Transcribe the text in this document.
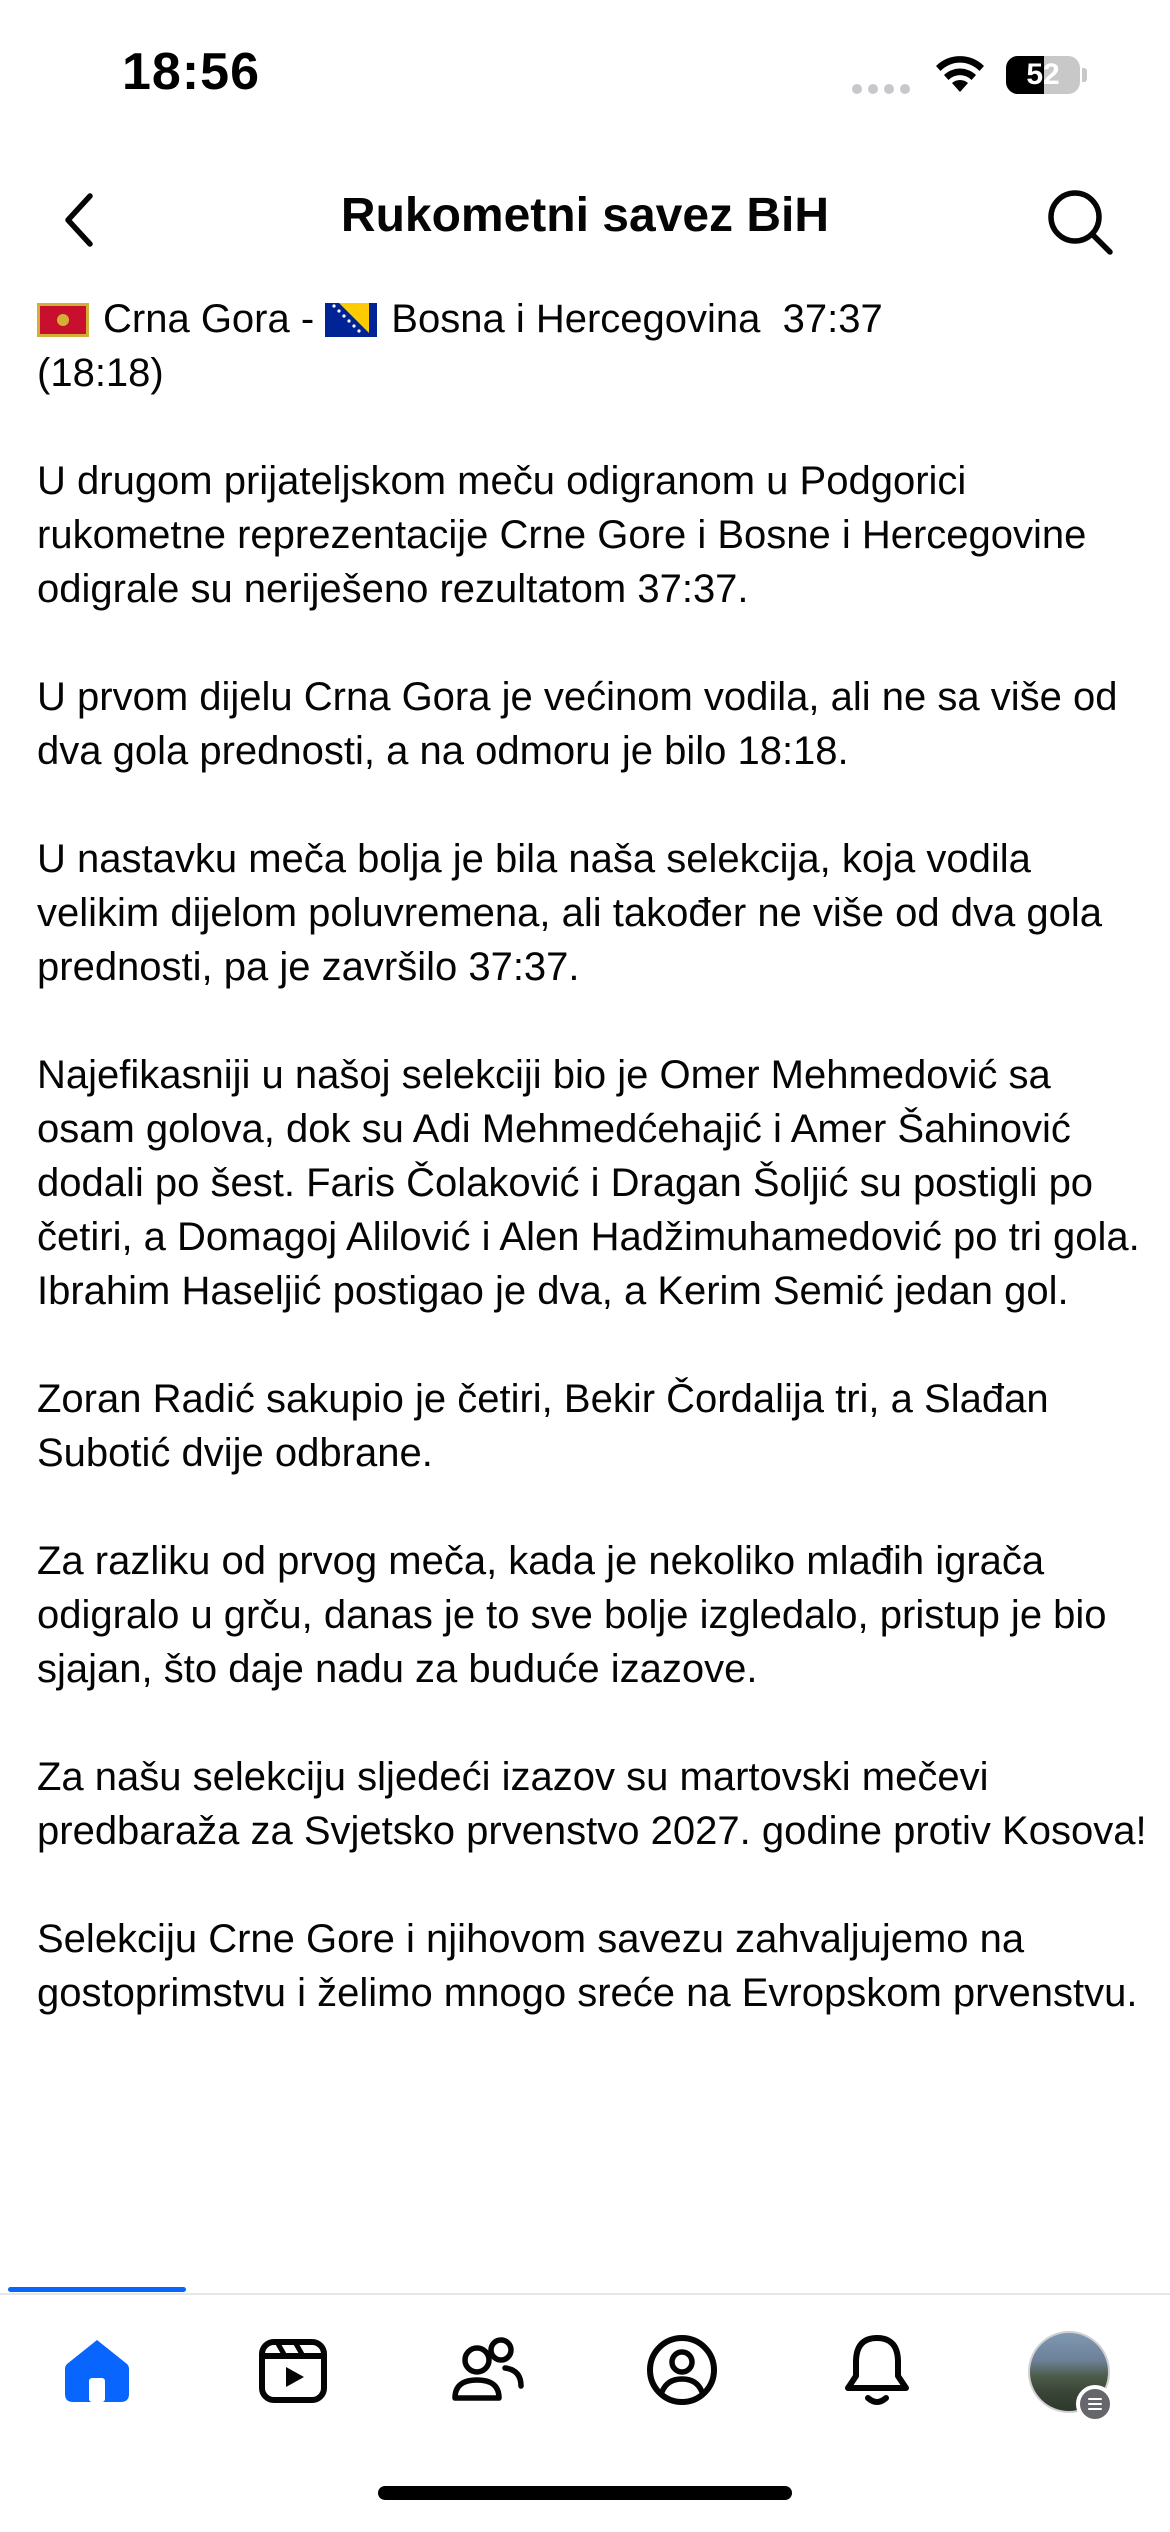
18:56	52
Rukometni savez BiH

Crna Gora -
Bosna i Hercegovina 37:37
(18:18)

U drugom prijateljskom meču odigranom u Podgorici rukometne reprezentacije Crne Gore i Bosne i Hercegovine odigrale su neriješeno rezultatom 37:37.

U prvom dijelu Crna Gora je većinom vodila, ali ne sa više od dva gola prednosti, a na odmoru je bilo 18:18.

U nastavku meča bolja je bila naša selekcija, koja vodila velikim dijelom poluvremena, ali također ne više od dva gola prednosti, pa je završilo 37:37.

Najefikasniji u našoj selekciji bio je Omer Mehmedović sa osam golova, dok su Adi Mehmedćehajić i Amer Šahinović dodali po šest. Faris Čolaković i Dragan Šoljić su postigli po četiri, a Domagoj Alilović i Alen Hadžimuhamedović po tri gola. Ibrahim Haseljić postigao je dva, a Kerim Semić jedan gol.

Zoran Radić sakupio je četiri, Bekir Čordalija tri, a Slađan Subotić dvije odbrane.

Za razliku od prvog meča, kada je nekoliko mlađih igrača odigralo u grču, danas je to sve bolje izgledalo, pristup je bio sjajan, što daje nadu za buduće izazove.

Za našu selekciju sljedeći izazov su martovski mečevi predbaraža za Svjetsko prvenstvo 2027. godine protiv Kosova!

Selekciju Crne Gore i njihovom savezu zahvaljujemo na gostoprimstvu i želimo mnogo sreće na Evropskom prvenstvu.
